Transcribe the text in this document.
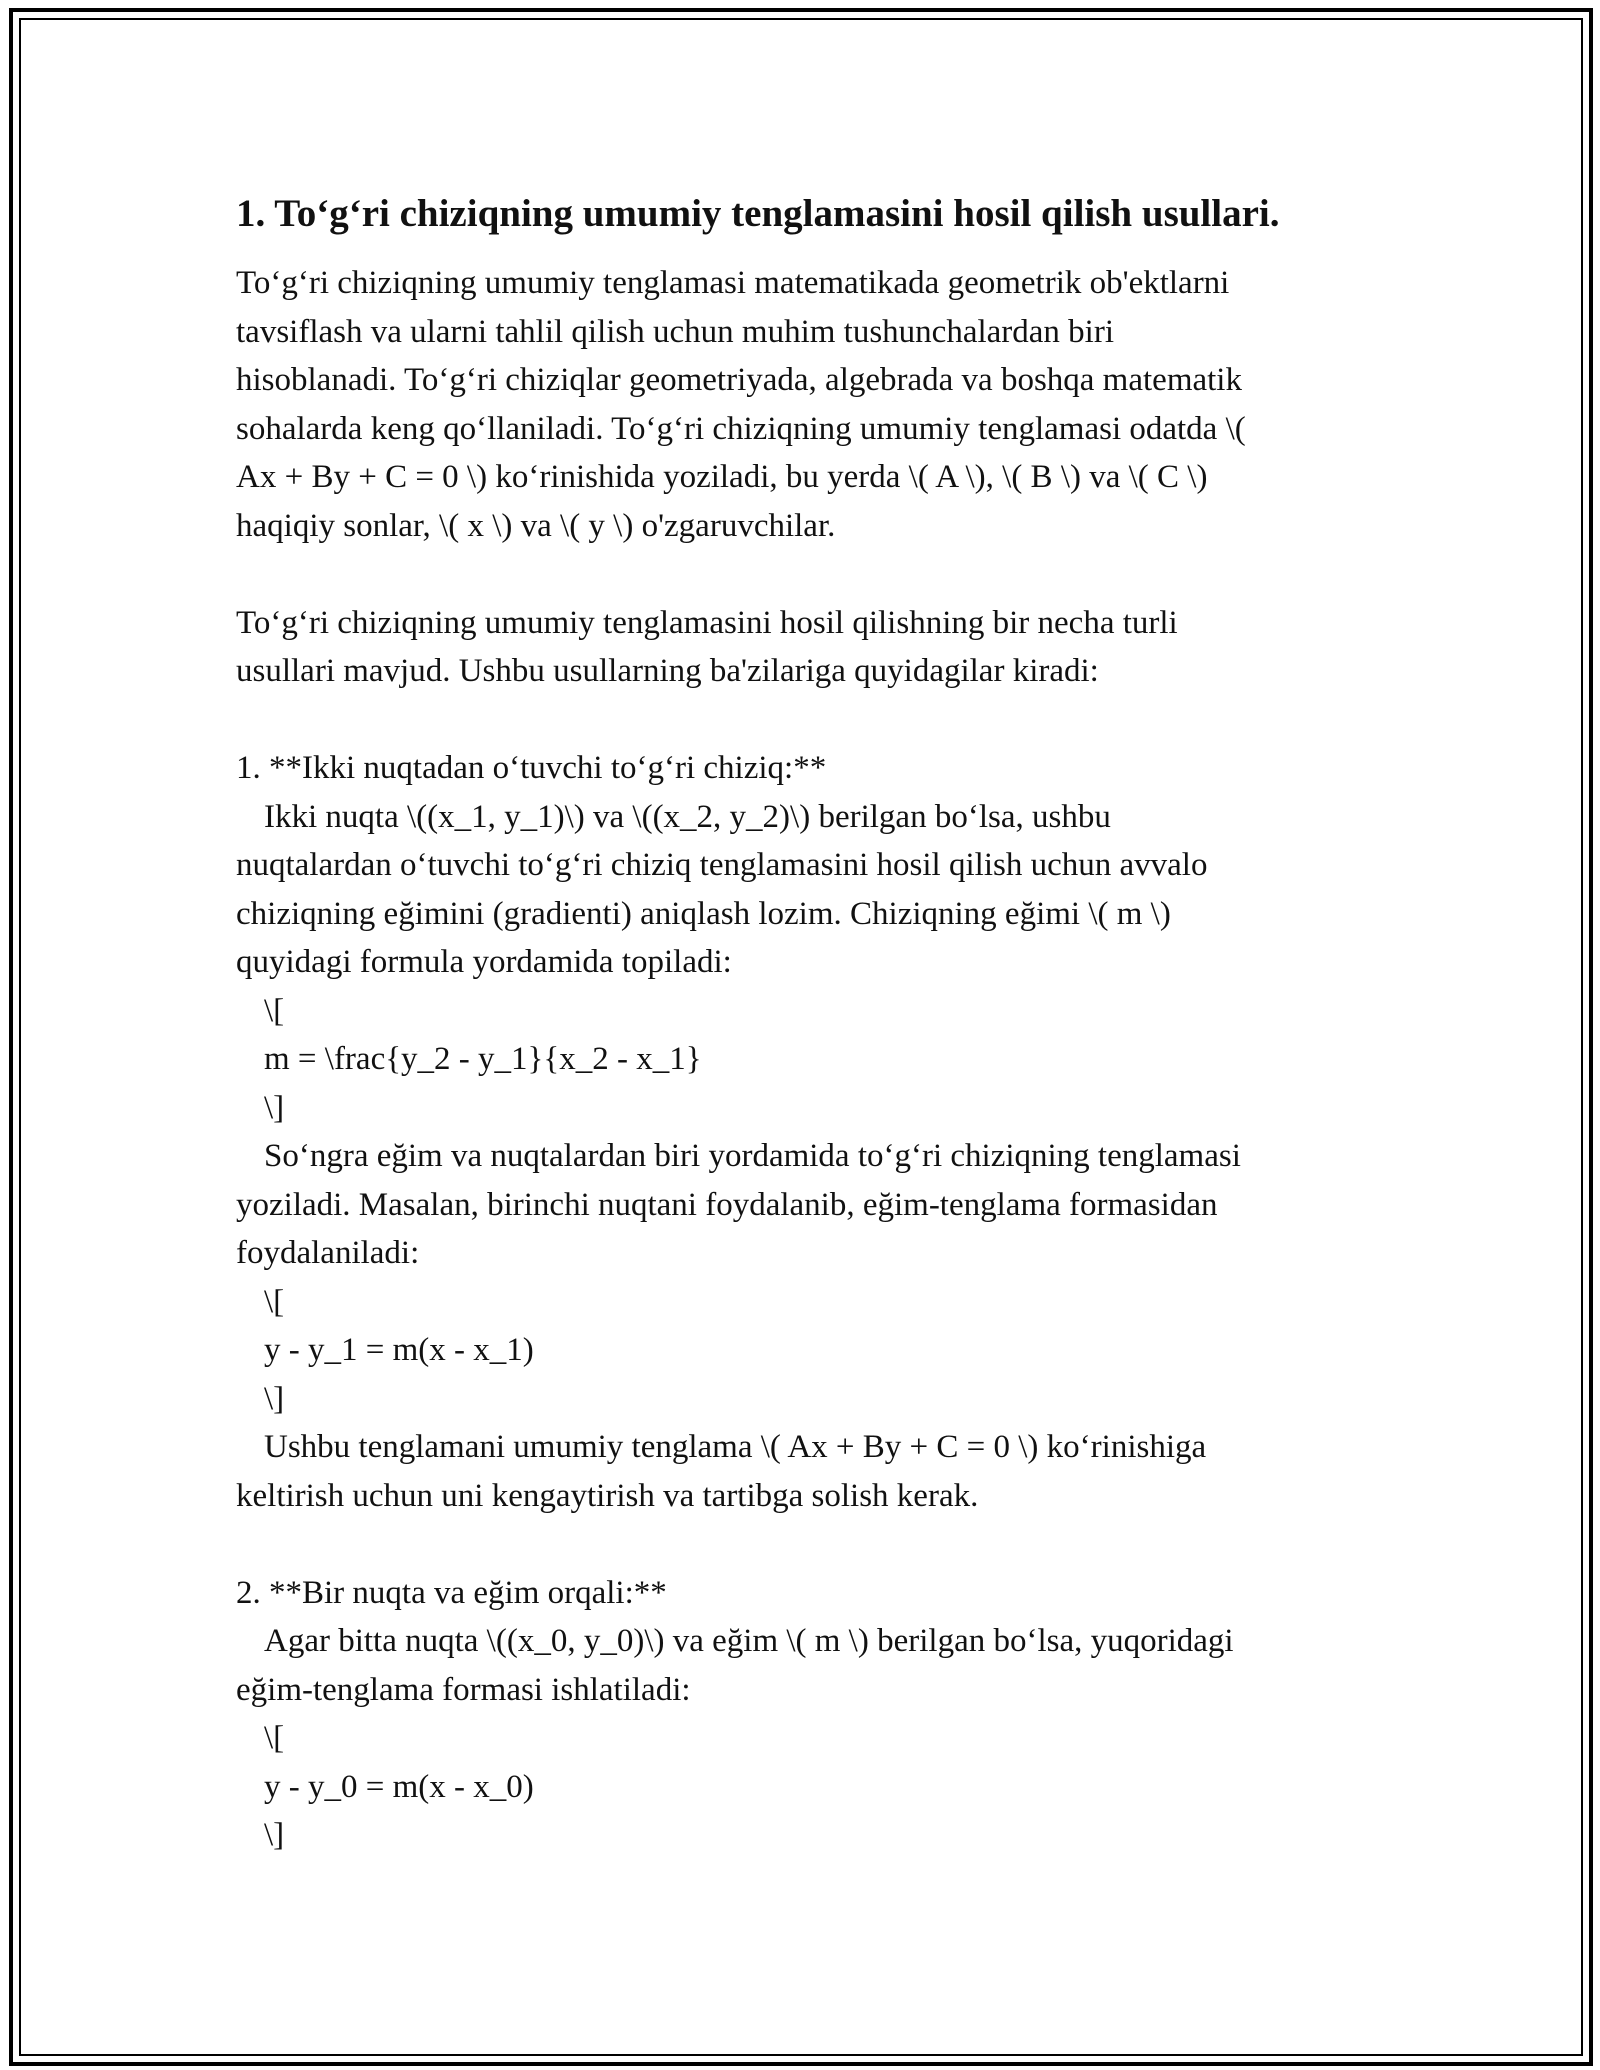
1. To‘g‘ri chiziqning umumiy tenglamasini hosil qilish usullari.
To‘g‘ri chiziqning umumiy tenglamasi matematikada geometrik ob'ektlarni
tavsiflash va ularni tahlil qilish uchun muhim tushunchalardan biri
hisoblanadi. To‘g‘ri chiziqlar geometriyada, algebrada va boshqa matematik
sohalarda keng qo‘llaniladi. To‘g‘ri chiziqning umumiy tenglamasi odatda \(
Ax + By + C = 0 \) ko‘rinishida yoziladi, bu yerda \( A \), \( B \) va \( C \)
haqiqiy sonlar, \( x \) va \( y \) o'zgaruvchilar.
To‘g‘ri chiziqning umumiy tenglamasini hosil qilishning bir necha turli
usullari mavjud. Ushbu usullarning ba'zilariga quyidagilar kiradi:
1. **Ikki nuqtadan o‘tuvchi to‘g‘ri chiziq:**
Ikki nuqta \((x_1, y_1)\) va \((x_2, y_2)\) berilgan bo‘lsa, ushbu
nuqtalardan o‘tuvchi to‘g‘ri chiziq tenglamasini hosil qilish uchun avvalo
chiziqning eğimini (gradienti) aniqlash lozim. Chiziqning eğimi \( m \)
quyidagi formula yordamida topiladi:
\[
m = \frac{y_2 - y_1}{x_2 - x_1}
\]
So‘ngra eğim va nuqtalardan biri yordamida to‘g‘ri chiziqning tenglamasi
yoziladi. Masalan, birinchi nuqtani foydalanib, eğim-tenglama formasidan
foydalaniladi:
\[
y - y_1 = m(x - x_1)
\]
Ushbu tenglamani umumiy tenglama \( Ax + By + C = 0 \) ko‘rinishiga
keltirish uchun uni kengaytirish va tartibga solish kerak.
2. **Bir nuqta va eğim orqali:**
Agar bitta nuqta \((x_0, y_0)\) va eğim \( m \) berilgan bo‘lsa, yuqoridagi
eğim-tenglama formasi ishlatiladi:
\[
y - y_0 = m(x - x_0)
\]
